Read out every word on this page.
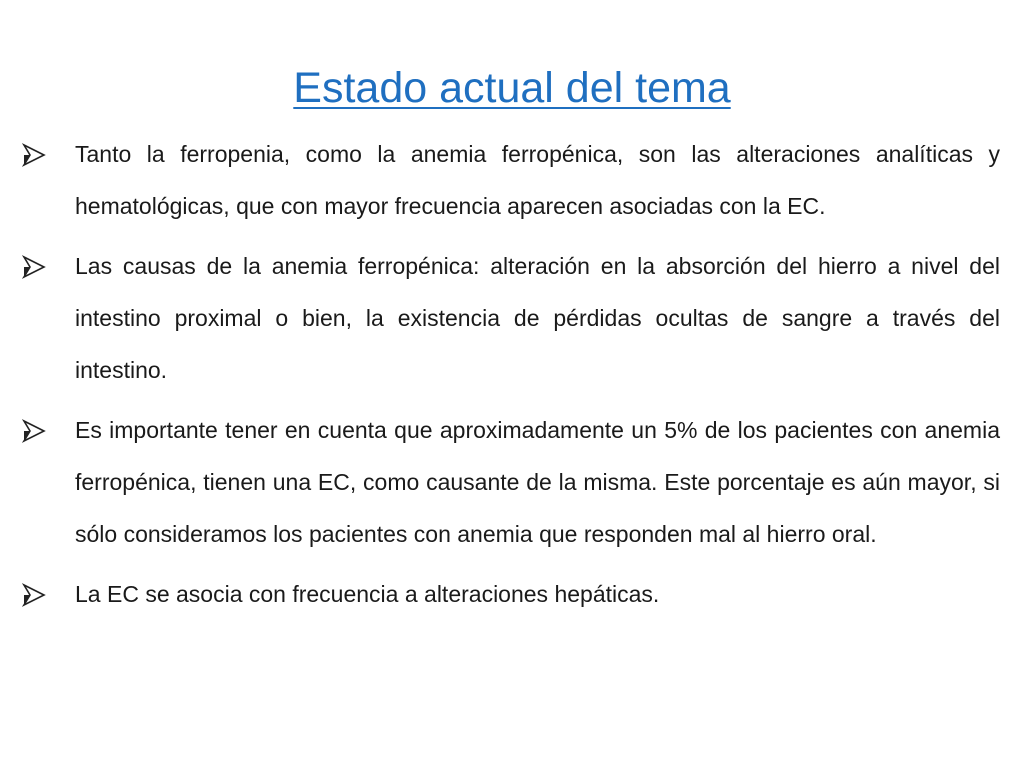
Estado actual del tema
Tanto la ferropenia, como la anemia ferropénica, son las alteraciones analíticas y hematológicas, que con mayor frecuencia aparecen asociadas con la EC.
Las causas de la anemia ferropénica: alteración en la absorción del hierro a nivel del intestino proximal o bien, la existencia de pérdidas ocultas de sangre a través del intestino.
Es importante tener en cuenta que aproximadamente un 5% de los pacientes con anemia ferropénica, tienen una EC, como causante de la misma. Este porcentaje es aún mayor, si sólo consideramos los pacientes con anemia que responden mal al hierro oral.
La EC se asocia con frecuencia a alteraciones hepáticas.
